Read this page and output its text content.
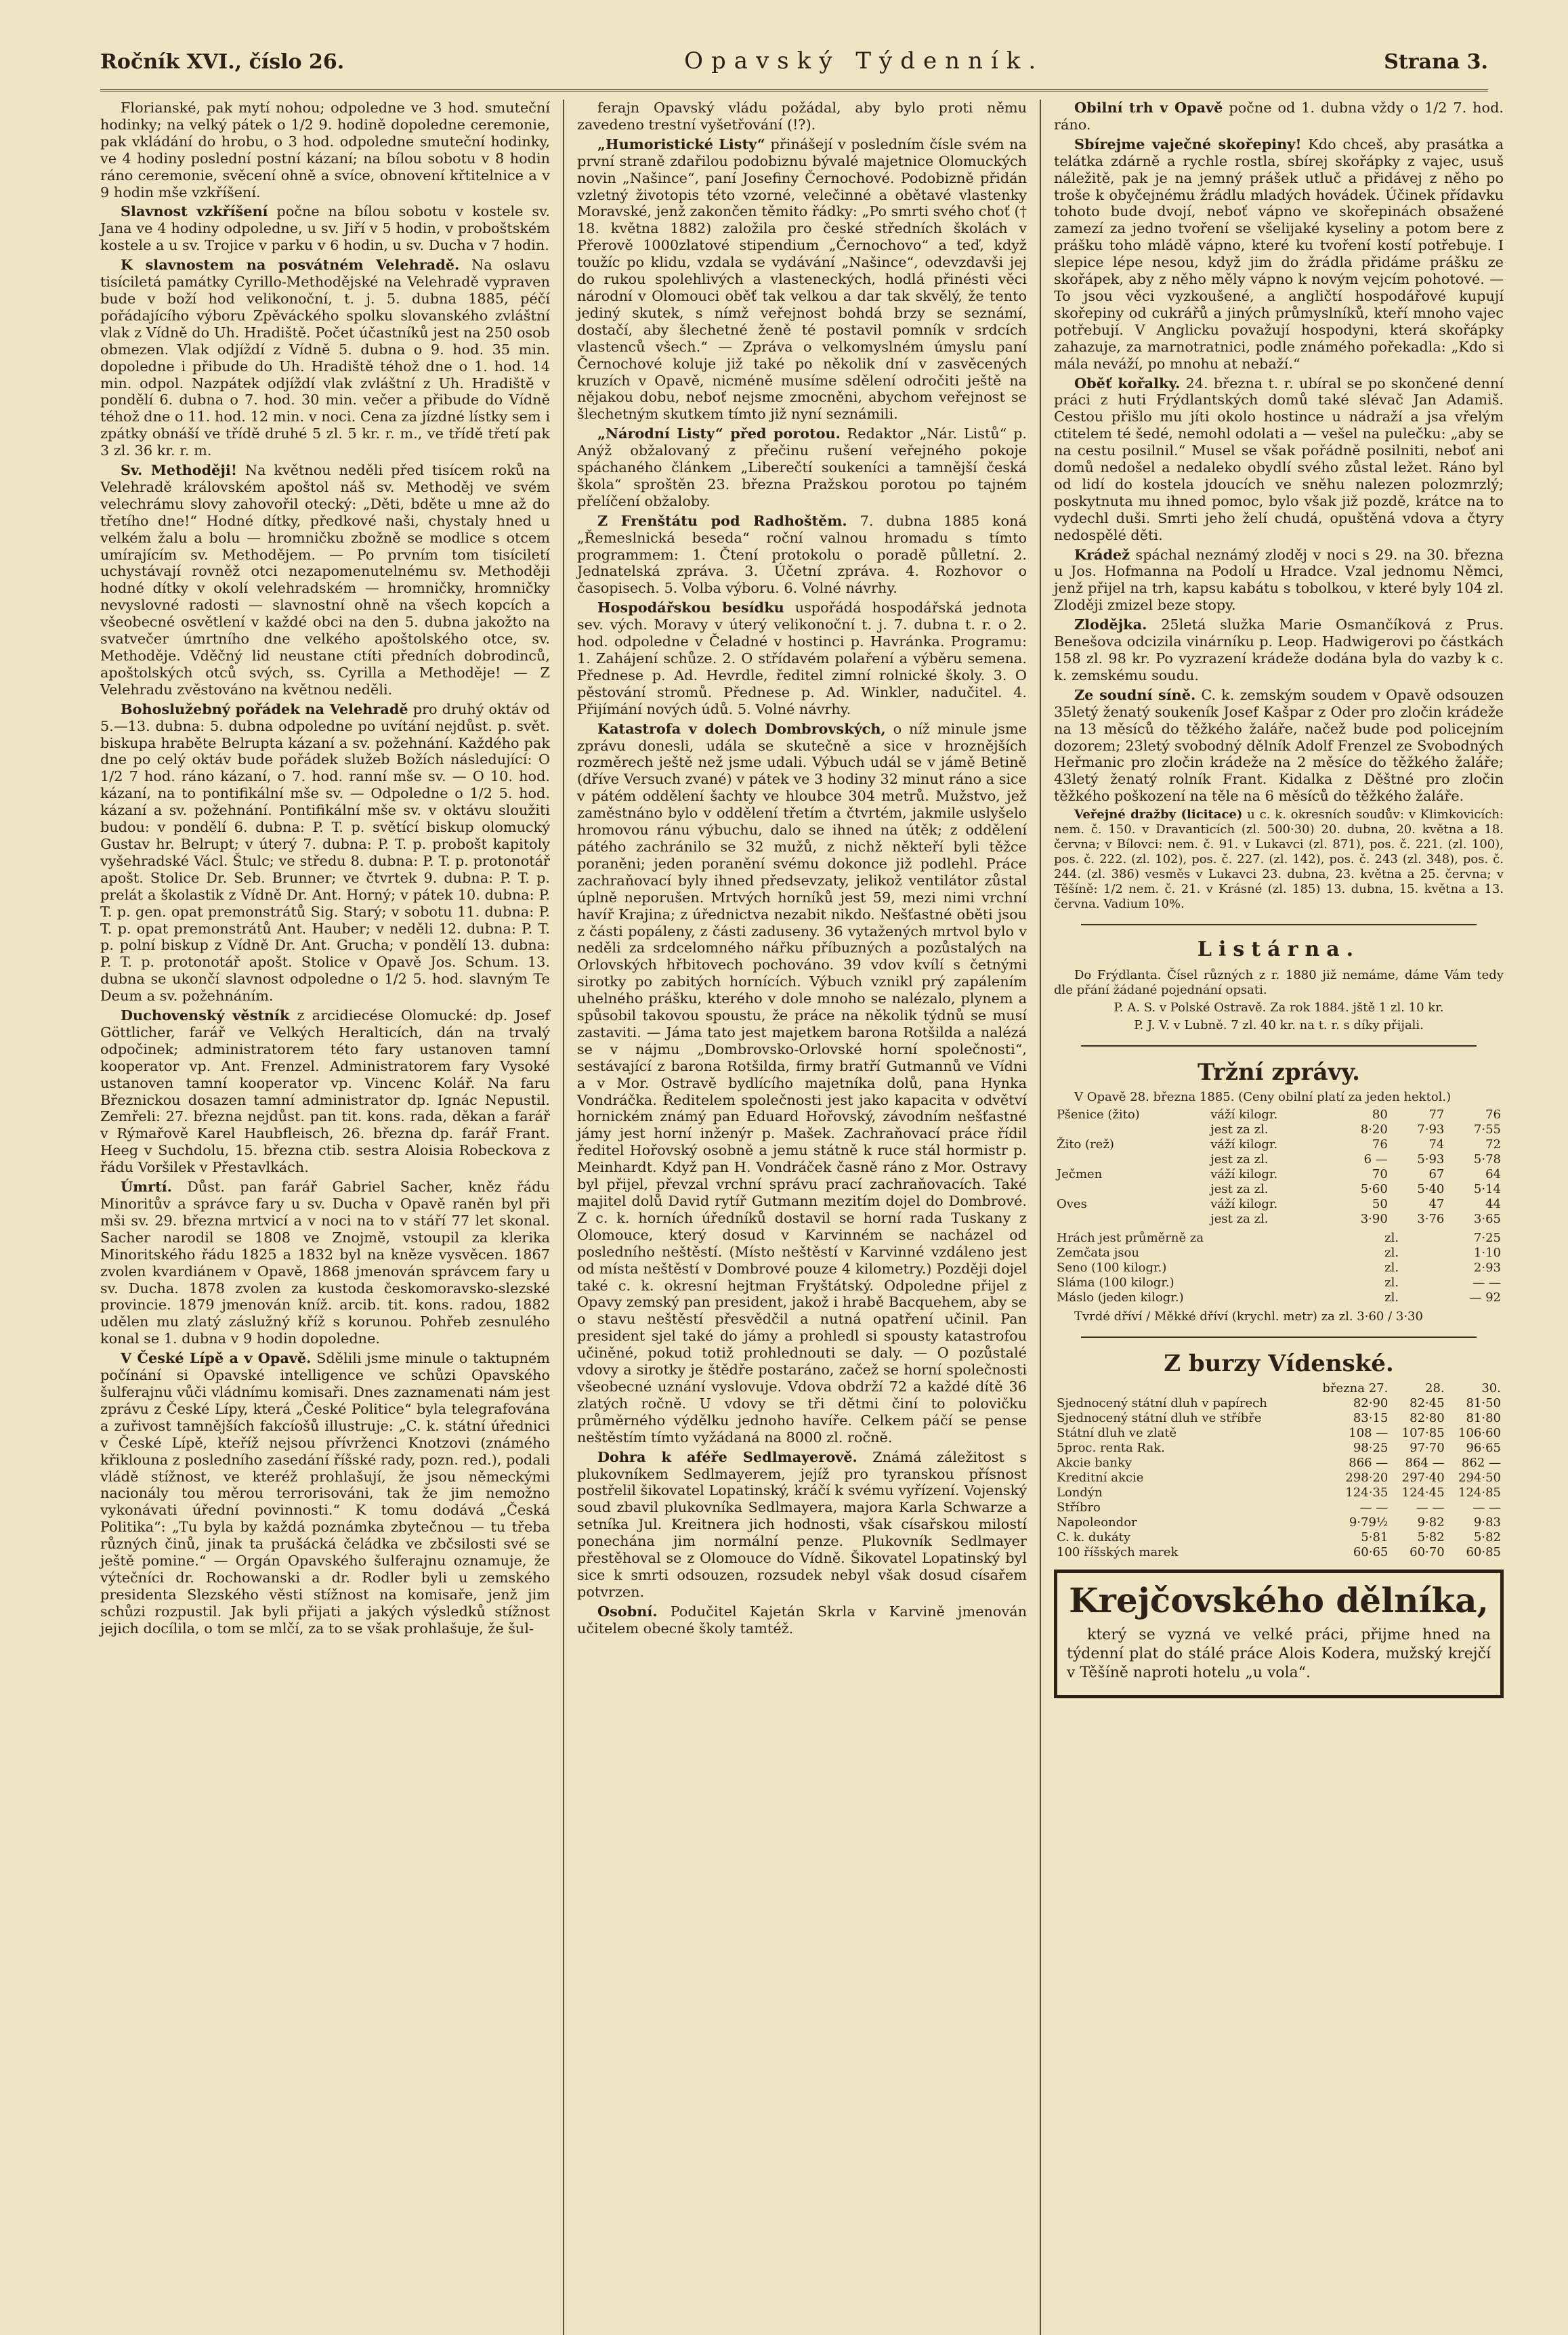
Ročník XVI., číslo 26.	Opavský Týdenník.	Strana 3.

Florianské, pak mytí nohou; odpoledne ve 3 hod. smuteční hodinky; na velký pátek o 1/2 9. hodině dopoledne ceremonie, pak vkládání do hrobu, o 3 hod. odpoledne smuteční hodinky, ve 4 hodiny poslední postní kázaní; na bílou sobotu v 8 hodin ráno ceremonie, svěcení ohně a svíce, obnovení křtitelnice a v 9 hodin mše vzkříšení.

Slavnost vzkříšení počne na bílou sobotu v kostele sv. Jana ve 4 hodiny odpoledne, u sv. Jiří v 5 hodin, v proboštském kostele a u sv. Trojice v parku v 6 hodin, u sv. Ducha v 7 hodin.

K slavnostem na posvátném Velehradě. Na oslavu tisíciletá památky Cyrillo-Methodějské na Velehradě vypraven bude v boží hod velikonoční, t. j. 5. dubna 1885, péčí pořádajícího výboru Zpěváckého spolku slovanského zvláštní vlak z Vídně do Uh. Hradiště. Počet účastníků jest na 250 osob obmezen. Vlak odjíždí z Vídně 5. dubna o 9. hod. 35 min. dopoledne i přibude do Uh. Hradiště téhož dne o 1. hod. 14 min. odpol. Nazpátek odjíždí vlak zvláštní z Uh. Hradiště v pondělí 6. dubna o 7. hod. 30 min. večer a přibude do Vídně téhož dne o 11. hod. 12 min. v noci. Cena za jízdné lístky sem i zpátky obnáší ve třídě druhé 5 zl. 5 kr. r. m., ve třídě třetí pak 3 zl. 36 kr. r. m.

Sv. Methoději! Na květnou neděli před tisícem roků na Velehradě královském apoštol náš sv. Methoděj ve svém velechrámu slovy zahovořil otecký: „Děti, bděte u mne až do třetího dne!“ Hodné dítky, předkové naši, chystaly hned u velkém žalu a bolu — hromničku zbožně se modlice s otcem umírajícím sv. Methodějem. — Po prvním tom tisíciletí uchystávají rovněž otci nezapomenutelnému sv. Methoději hodné dítky v okolí velehradském — hromničky, hromničky nevyslovné radosti — slavnostní ohně na všech kopcích a všeobecné osvětlení v každé obci na den 5. dubna jakožto na svatvečer úmrtního dne velkého apoštolského otce, sv. Methoděje. Vděčný lid neustane ctíti předních dobrodinců, apoštolských otců svých, ss. Cyrilla a Methoděje! — Z Velehradu zvěstováno na květnou neděli.

Bohoslužebný pořádek na Velehradě pro druhý oktáv od 5.—13. dubna: 5. dubna odpoledne po uvítání nejdůst. p. svět. biskupa hraběte Belrupta kázaní a sv. požehnání. Každého pak dne po celý oktáv bude pořádek služeb Božích následující: O 1/2 7 hod. ráno kázaní, o 7. hod. ranní mše sv. — O 10. hod. kázaní, na to pontifikální mše sv. — Odpoledne o 1/2 5. hod. kázaní a sv. požehnání. Pontifikální mše sv. v oktávu sloužiti budou: v pondělí 6. dubna: P. T. p. světící biskup olomucký Gustav hr. Belrupt; v úterý 7. dubna: P. T. p. probošt kapitoly vyšehradské Václ. Štulc; ve středu 8. dubna: P. T. p. protonotář apošt. Stolice Dr. Seb. Brunner; ve čtvrtek 9. dubna: P. T. p. prelát a školastik z Vídně Dr. Ant. Horný; v pátek 10. dubna: P. T. p. gen. opat premonstrátů Sig. Starý; v sobotu 11. dubna: P. T. p. opat premonstrátů Ant. Hauber; v neděli 12. dubna: P. T. p. polní biskup z Vídně Dr. Ant. Grucha; v pondělí 13. dubna: P. T. p. protonotář apošt. Stolice v Opavě Jos. Schum. 13. dubna se ukončí slavnost odpoledne o 1/2 5. hod. slavným Te Deum a sv. požehnáním.

Duchovenský věstník z arcidiecése Olomucké: dp. Josef Göttlicher, farář ve Velkých Heralticích, dán na trvalý odpočinek; administratorem této fary ustanoven tamní kooperator vp. Ant. Frenzel. Administratorem fary Vysoké ustanoven tamní kooperator vp. Vincenc Kolář. Na faru Březnickou dosazen tamní administrator dp. Ignác Nepustil. Zemřeli: 27. března nejdůst. pan tit. kons. rada, děkan a farář v Rýmařově Karel Haubfleisch, 26. března dp. farář Frant. Heeg v Suchdolu, 15. března ctib. sestra Aloisia Robeckova z řádu Voršilek v Přestavlkách.

Úmrtí. Důst. pan farář Gabriel Sacher, kněz řádu Minoritův a správce fary u sv. Ducha v Opavě raněn byl při mši sv. 29. března mrtvicí a v noci na to v stáří 77 let skonal. Sacher narodil se 1808 ve Znojmě, vstoupil za klerika Minoritského řádu 1825 a 1832 byl na kněze vysvěcen. 1867 zvolen kvardiánem v Opavě, 1868 jmenován správcem fary u sv. Ducha. 1878 zvolen za kustoda českomoravsko-slezské provincie. 1879 jmenován kníž. arcib. tit. kons. radou, 1882 udělen mu zlatý záslužný kříž s korunou. Pohřeb zesnulého konal se 1. dubna v 9 hodin dopoledne.

V České Lípě a v Opavě. Sdělili jsme minule o taktupném počínání si Opavské intelligence ve schůzi Opavského šulferajnu vůči vládnímu komisaři. Dnes zaznamenati nám jest zprávu z České Lípy, která „České Politice“ byla telegrafována a zuřivost tamnějších fakcíošů illustruje: „C. k. státní úřednici v České Lípě, kteříž nejsou přívrženci Knotzovi (známého křiklouna z posledního zasedání říšské rady, pozn. red.), podali vládě stížnost, ve kteréž prohlašují, že jsou německými nacionály tou měrou terrorisováni, tak že jim nemožno vykonávati úřední povinnosti.“ K tomu dodává „Česká Politika“: „Tu byla by každá poznámka zbytečnou — tu třeba různých činů, jinak ta prušácká čeládka ve zbčsilosti své se ještě pomine.“ — Orgán Opavského šulferajnu oznamuje, že výtečníci dr. Rochowanski a dr. Rodler byli u zemského presidenta Slezského věsti stížnost na komisaře, jenž jim schůzi rozpustil. Jak byli přijati a jakých výsledků stížnost jejich docílila, o tom se mlčí, za to se však prohlašuje, že šul-

ferajn Opavský vládu požádal, aby bylo proti němu zavedeno trestní vyšetřování (!?).

„Humoristické Listy“ přinášejí v posledním čísle svém na první straně zdařilou podobiznu bývalé majetnice Olomuckých novin „Našince“, paní Josefiny Černochové. Podobizně přidán vzletný životopis této vzorné, velečinné a obětavé vlastenky Moravské, jenž zakončen těmito řádky: „Po smrti svého choť († 18. května 1882) založila pro české středních školách v Přerově 1000zlatové stipendium „Černochovo“ a teď, když toužíc po klidu, vzdala se vydávání „Našince“, odevzdavši jej do rukou spolehlivých a vlasteneckých, hodlá přinésti věci národní v Olomouci oběť tak velkou a dar tak skvělý, že tento jediný skutek, s nímž veřejnost bohdá brzy se seznámí, dostačí, aby šlechetné ženě té postavil pomník v srdcích vlastenců všech.“ — Zpráva o velkomyslném úmyslu paní Černochové koluje již také po několik dní v zasvěcených kruzích v Opavě, nicméně musíme sdělení odročiti ještě na nějakou dobu, neboť nejsme zmocněni, abychom veřejnost se šlechetným skutkem tímto již nyní seznámili.

„Národní Listy“ před porotou. Redaktor „Nár. Listů“ p. Anýž obžalovaný z přečinu rušení veřejného pokoje spáchaného článkem „Liberečtí soukeníci a tamnější česká škola“ sproštěn 23. března Pražskou porotou po tajném přelíčení obžaloby.

Z Frenštátu pod Radhoštěm. 7. dubna 1885 koná „Řemeslnická beseda“ roční valnou hromadu s tímto programmem: 1. Čtení protokolu o poradě půlletní. 2. Jednatelská zpráva. 3. Účetní zpráva. 4. Rozhovor o časopisech. 5. Volba výboru. 6. Volné návrhy.

Hospodářskou besídku uspořádá hospodářská jednota sev. vých. Moravy v úterý velikonoční t. j. 7. dubna t. r. o 2. hod. odpoledne v Čeladné v hostinci p. Havránka. Programu: 1. Zahájení schůze. 2. O střídavém polaření a výběru semena. Přednese p. Ad. Hevrdle, ředitel zimní rolnické školy. 3. O pěstování stromů. Přednese p. Ad. Winkler, nadučitel. 4. Přijímání nových údů. 5. Volné návrhy.

Katastrofa v dolech Dombrovských, o níž minule jsme zprávu donesli, udála se skutečně a sice v hroznějších rozměrech ještě než jsme udali. Výbuch udál se v jámě Betině (dříve Versuch zvané) v pátek ve 3 hodiny 32 minut ráno a sice v pátém oddělení šachty ve hloubce 304 metrů. Mužstvo, jež zaměstnáno bylo v oddělení třetím a čtvrtém, jakmile uslyšelo hromovou ránu výbuchu, dalo se ihned na útěk; z oddělení pátého zachránilo se 32 mužů, z nichž někteří byli těžce poraněni; jeden poranění svému dokonce již podlehl. Práce zachraňovací byly ihned předsevzaty, jelikož ventilátor zůstal úplně neporušen. Mrtvých horníků jest 59, mezi nimi vrchní havíř Krajina; z úřednictva nezabit nikdo. Nešťastné oběti jsou z části popáleny, z části zaduseny. 36 vytažených mrtvol bylo v neděli za srdcelomného nářku příbuzných a pozůstalých na Orlovských hřbitovech pochováno. 39 vdov kvílí s četnými sirotky po zabitých hornících. Výbuch vznikl prý zapálením uhelného prášku, kterého v dole mnoho se nalézalo, plynem a spůsobil takovou spoustu, že práce na několik týdnů se musí zastaviti. — Jáma tato jest majetkem barona Rotšilda a nalézá se v nájmu „Dombrovsko-Orlovské horní společnosti“, sestávající z barona Rotšilda, firmy bratří Gutmannů ve Vídni a v Mor. Ostravě bydlícího majetníka dolů, pana Hynka Vondráčka. Ředitelem společnosti jest jako kapacita v odvětví hornickém známý pan Eduard Hořovský, závodním nešťastné jámy jest horní inženýr p. Mašek. Zachraňovací práce řídil ředitel Hořovský osobně a jemu státně k ruce stál hormistr p. Meinhardt. Když pan H. Vondráček časně ráno z Mor. Ostravy byl přijel, převzal vrchní správu prací zachraňovacích. Také majitel dolů David rytíř Gutmann mezitím dojel do Dombrové. Z c. k. horních úředníků dostavil se horní rada Tuskany z Olomouce, který dosud v Karvinném se nacházel od posledního neštěstí. (Místo neštěstí v Karvinné vzdáleno jest od místa neštěstí v Dombrové pouze 4 kilometry.) Později dojel také c. k. okresní hejtman Fryštátský. Odpoledne přijel z Opavy zemský pan president, jakož i hrabě Bacquehem, aby se o stavu neštěstí přesvědčil a nutná opatření učinil. Pan president sjel také do jámy a prohledl si spousty katastrofou učiněné, pokud totiž prohlednouti se daly. — O pozůstalé vdovy a sirotky je štědře postaráno, začež se horní společnosti všeobecné uznání vyslovuje. Vdova obdrží 72 a každé dítě 36 zlatých ročně. U vdovy se tři dětmi činí to polovičku průměrného výdělku jednoho havíře. Celkem páčí se pense neštěstím tímto vyžádaná na 8000 zl. ročně.

Dohra k aféře Sedlmayerově. Známá záležitost s plukovníkem Sedlmayerem, jejíž pro tyranskou přísnost postřelil šikovatel Lopatinský, kráčí k svému vyřízení. Vojenský soud zbavil plukovníka Sedlmayera, majora Karla Schwarze a setníka Jul. Kreitnera jich hodnosti, však císařskou milostí ponechána jim normální penze. Plukovník Sedlmayer přestěhoval se z Olomouce do Vídně. Šikovatel Lopatinský byl sice k smrti odsouzen, rozsudek nebyl však dosud císařem potvrzen.

Osobní. Podučitel Kajetán Skrla v Karvině jmenován učitelem obecné školy tamtéž.

Obilní trh v Opavě počne od 1. dubna vždy o 1/2 7. hod. ráno.

Sbírejme vaječné skořepiny! Kdo chceš, aby prasátka a telátka zdárně a rychle rostla, sbírej skořápky z vajec, usuš náležitě, pak je na jemný prášek utluč a přidávej z něho po troše k obyčejnému žrádlu mladých hovádek. Účinek přídavku tohoto bude dvojí, neboť vápno ve skořepinách obsažené zamezí za jedno tvoření se všelijaké kyseliny a potom bere z prášku toho mládě vápno, které ku tvoření kostí potřebuje. I slepice lépe nesou, když jim do žrádla přidáme prášku ze skořápek, aby z něho měly vápno k novým vejcím pohotové. — To jsou věci vyzkoušené, a angličtí hospodářové kupují skořepiny od cukrářů a jiných průmyslníků, kteří mnoho vajec potřebují. V Anglicku považují hospodyni, která skořápky zahazuje, za marnotratnici, podle známého pořekadla: „Kdo si mála neváží, po mnohu at nebaží.“

Oběť kořalky. 24. března t. r. ubíral se po skončené denní práci z huti Frýdlantských domů také slévač Jan Adamiš. Cestou přišlo mu jíti okolo hostince u nádraží a jsa vřelým ctitelem té šedé, nemohl odolati a — vešel na pulečku: „aby se na cestu posilnil.“ Musel se však pořádně posilniti, neboť ani domů nedošel a nedaleko obydlí svého zůstal ležet. Ráno byl od lidí do kostela jdoucích ve sněhu nalezen polozmrzlý; poskytnuta mu ihned pomoc, bylo však již pozdě, krátce na to vydechl duši. Smrti jeho želí chudá, opuštěná vdova a čtyry nedospělé děti.

Krádež spáchal neznámý zloděj v noci s 29. na 30. března u Jos. Hofmanna na Podolí u Hradce. Vzal jednomu Němci, jenž přijel na trh, kapsu kabátu s tobolkou, v které byly 104 zl. Zloději zmizel beze stopy.

Zlodějka. 25letá služka Marie Osmančíková z Prus. Benešova odcizila vinárníku p. Leop. Hadwigerovi po částkách 158 zl. 98 kr. Po vyzrazení krádeže dodána byla do vazby k c. k. zemskému soudu.

Ze soudní síně. C. k. zemským soudem v Opavě odsouzen 35letý ženatý soukeník Josef Kašpar z Oder pro zločin krádeže na 13 měsíců do těžkého žaláře, načež bude pod policejním dozorem; 23letý svobodný dělník Adolf Frenzel ze Svobodných Heřmanic pro zločin krádeže na 2 měsíce do těžkého žaláře; 43letý ženatý rolník Frant. Kidalka z Děštné pro zločin těžkého poškození na těle na 6 měsíců do těžkého žaláře.

Veřejné dražby (licitace) u c. k. okresních soudův: v Klimkovicích: nem. č. 150. v Dravanticích (zl. 500·30) 20. dubna, 20. května a 18. června; v Bílovci: nem. č. 91. v Lukavci (zl. 871), pos. č. 221. (zl. 100), pos. č. 222. (zl. 102), pos. č. 227. (zl. 142), pos. č. 243 (zl. 348), pos. č. 244. (zl. 386) vesměs v Lukavci 23. dubna, 23. května a 25. června; v Těšíně: 1/2 nem. č. 21. v Krásné (zl. 185) 13. dubna, 15. května a 13. června. Vadium 10%.

Listárna.

Do Frýdlanta. Čísel různých z r. 1880 již nemáme, dáme Vám tedy dle přání žádané pojednání opsati.

P. A. S. v Polské Ostravě. Za rok 1884. jště 1 zl. 10 kr.

P. J. V. v Lubně. 7 zl. 40 kr. na t. r. s díky přijali.

Tržní zprávy.

V Opavě 28. března 1885. (Ceny obilní platí za jeden hektol.)

Pšenice (žito)	váží kilogr.	80	77	76
	jest za zl.	8·20	7·93	7·55
Žito (rež)	váží kilogr.	76	74	72
	jest za zl.	6 —	5·93	5·78
Ječmen	váží kilogr.	70	67	64
	jest za zl.	5·60	5·40	5·14
Oves	váží kilogr.	50	47	44
	jest za zl.	3·90	3·76	3·65
Hrách jest průměrně za	zl.	7·25
Zemčata jsou	zl.	1·10
Seno (100 kilogr.)	zl.	2·93
Sláma (100 kilogr.)	zl.	— —
Máslo (jeden kilogr.)	zl.	— 92

Tvrdé dříví / Měkké dříví (krychl. metr) za zl. 3·60 / 3·30

Z burzy Vídenské.
	března 27.	28.	30.
Sjednocený státní dluh v papírech	82·90	82·45	81·50
Sjednocený státní dluh ve stříbře	83·15	82·80	81·80
Státní dluh ve zlatě	108 —	107·85	106·60
5proc. renta Rak.	98·25	97·70	96·65
Akcie banky	866 —	864 —	862 —
Kreditní akcie	298·20	297·40	294·50
Londýn	124·35	124·45	124·85
Stříbro	— —	— —	— —
Napoleondor	9·79½	9·82	9·83
C. k. dukáty	5·81	5·82	5·82
100 říšských marek	60·65	60·70	60·85
Krejčovského dělníka,

který se vyzná ve velké práci, přijme hned na týdenní plat do stálé práce Alois Kodera, mužský krejčí v Těšíně naproti hotelu „u vola“.
